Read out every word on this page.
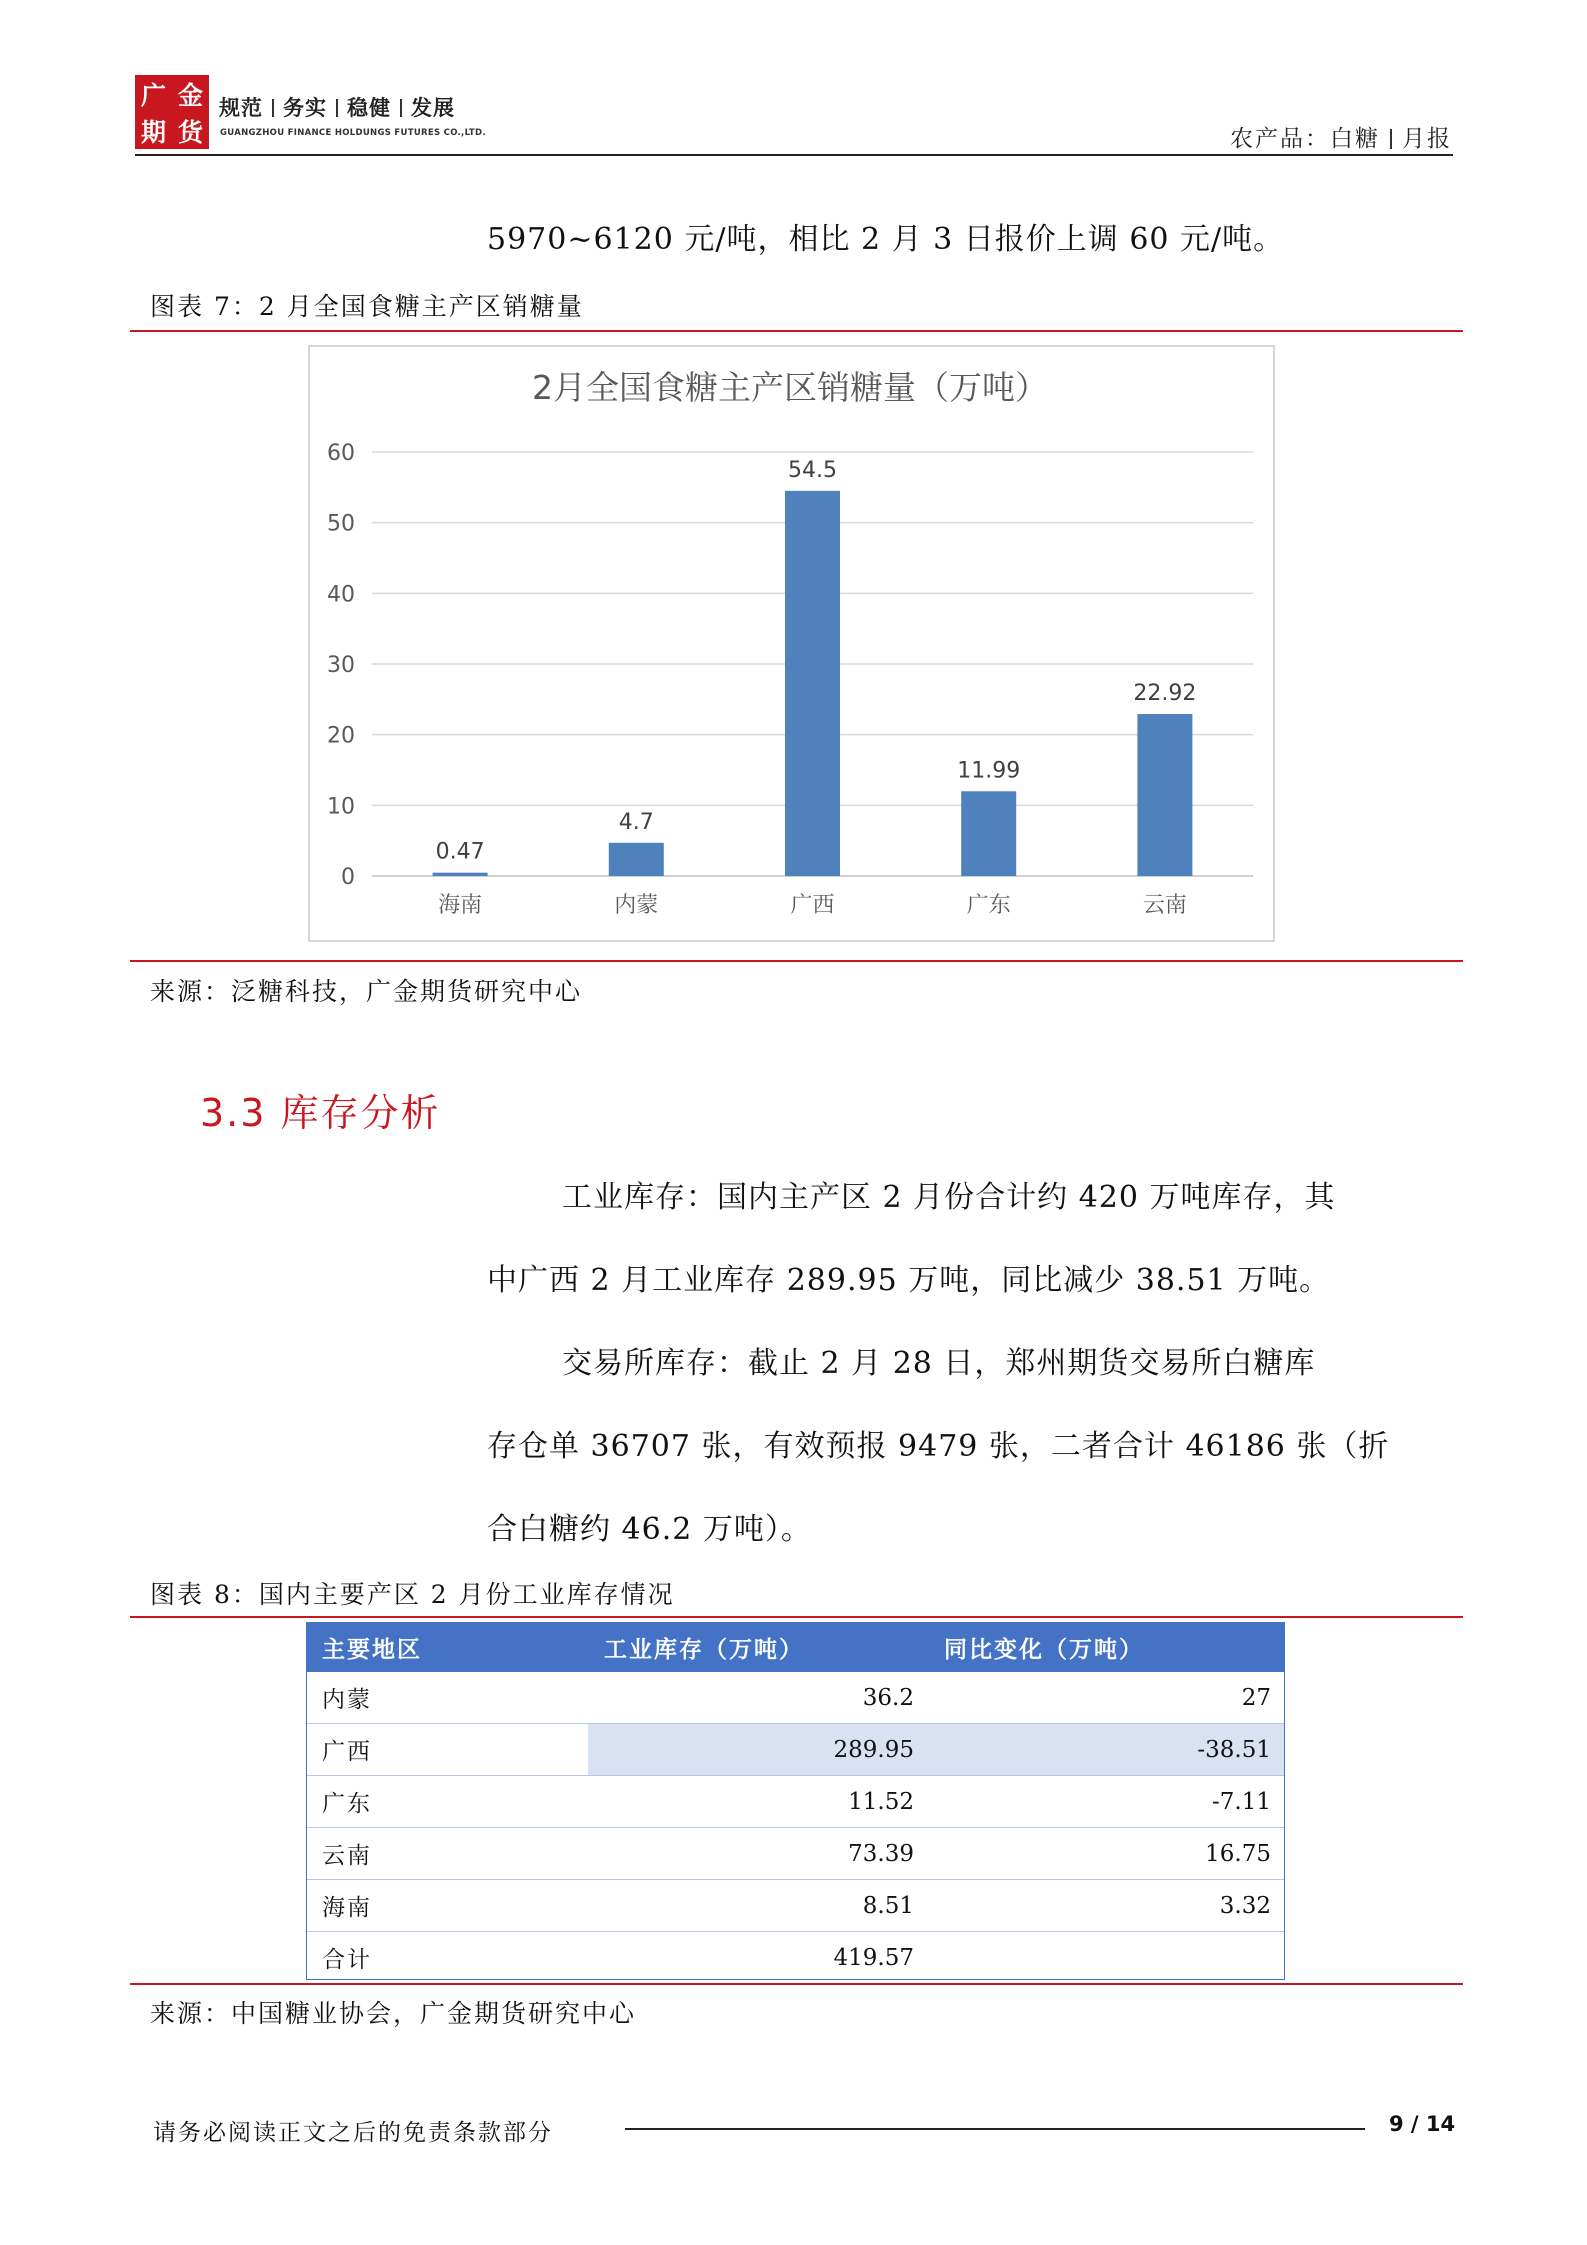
广 金
期 货
规范 务实 稳健 发展
GUANGZHOU FINANCE HOLDUNGS FUTURES CO.,LTD.	农产品：白糖 月报
5970~6120 元/吨，相比 2 月 3 日报价上调 60 元/吨。
图表 7：2 月全国食糖主产区销糖量
2月全国食糖主产区销糖量（万吨）
0
10
20
30
40
50
60
0.47
4.7
54.5
11.99
22.92
海南	内蒙	广西	广东	云南
来源：泛糖科技，广金期货研究中心
3.3 库存分析
工业库存：国内主产区 2 月份合计约 420 万吨库存，其
中广西 2 月工业库存 289.95 万吨，同比减少 38.51 万吨。
交易所库存：截止 2 月 28 日，郑州期货交易所白糖库
存仓单 36707 张，有效预报 9479 张，二者合计 46186 张（折
合白糖约 46.2 万吨）。
图表 8：国内主要产区 2 月份工业库存情况
主要地区	工业库存（万吨）	同比变化（万吨）
内蒙	36.2	27
广西	289.95	-38.51
广东	11.52	-7.11
云南	73.39	16.75
海南	8.51	3.32
合计	419.57	
来源：中国糖业协会，广金期货研究中心
请务必阅读正文之后的免责条款部分	9 / 14
